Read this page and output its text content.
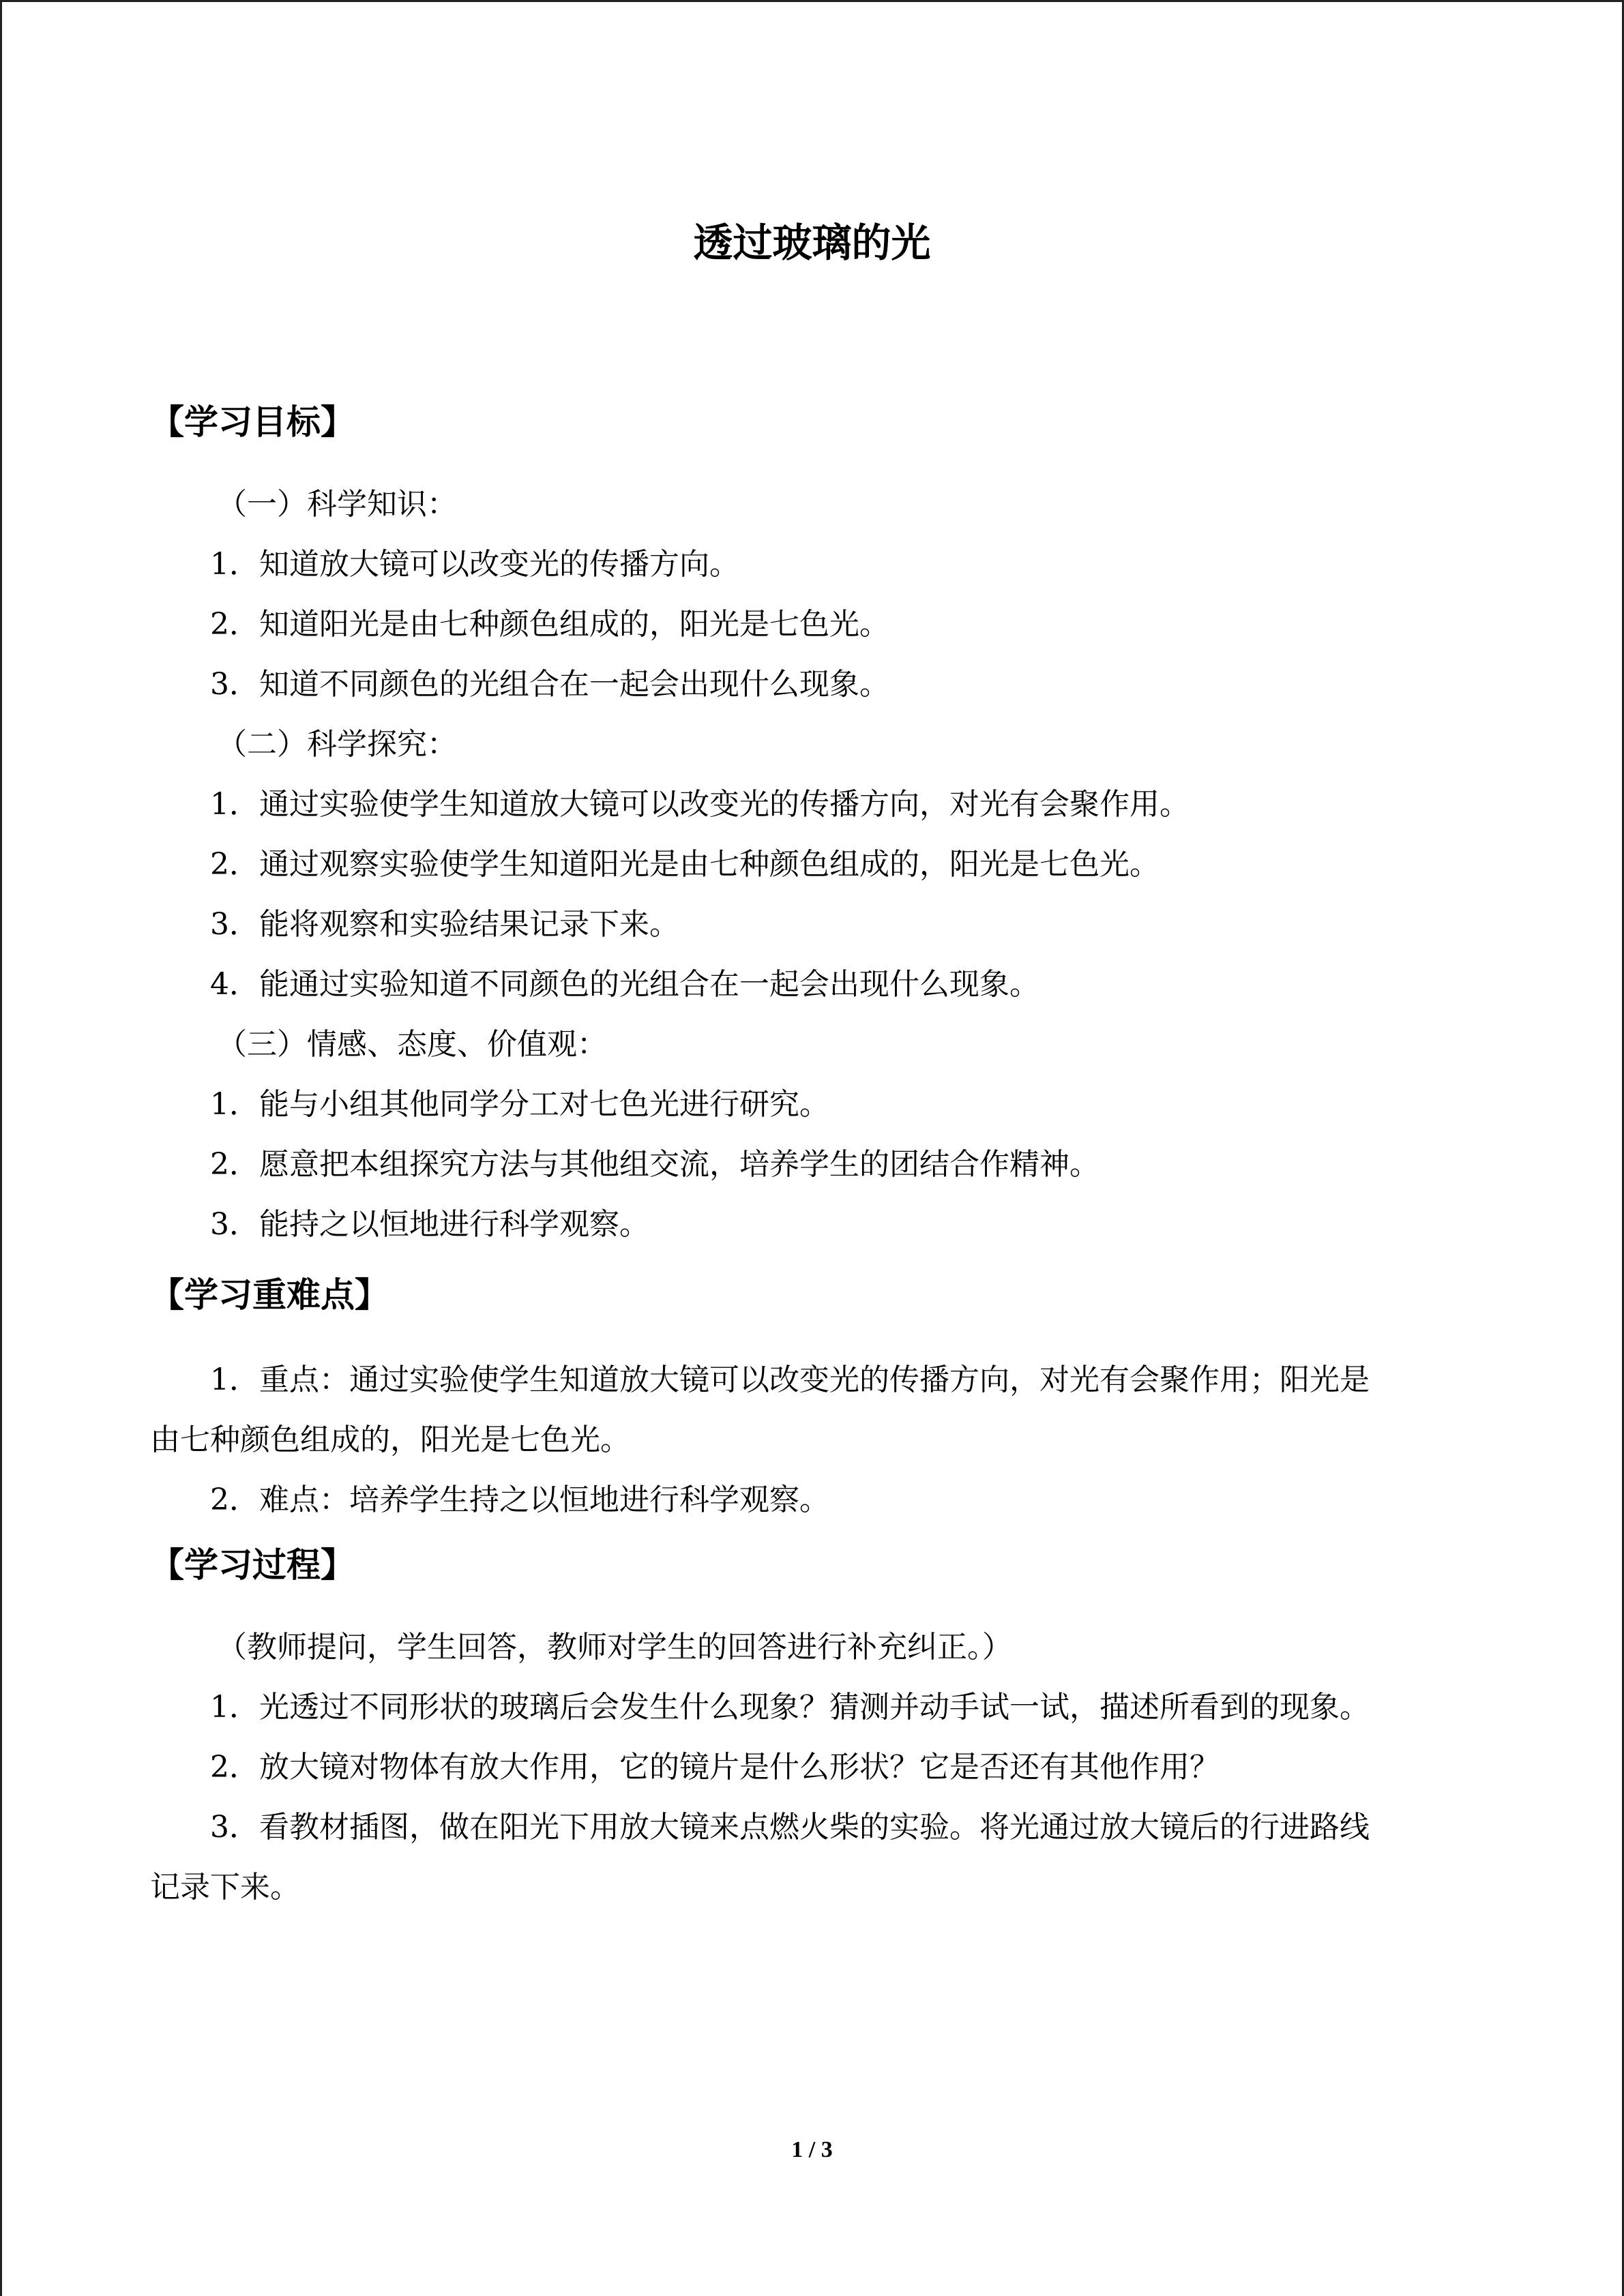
透过玻璃的光
【学习目标】
（一）科学知识：
1．知道放大镜可以改变光的传播方向。
2．知道阳光是由七种颜色组成的，阳光是七色光。
3．知道不同颜色的光组合在一起会出现什么现象。
（二）科学探究：
1．通过实验使学生知道放大镜可以改变光的传播方向，对光有会聚作用。
2．通过观察实验使学生知道阳光是由七种颜色组成的，阳光是七色光。
3．能将观察和实验结果记录下来。
4．能通过实验知道不同颜色的光组合在一起会出现什么现象。
（三）情感、态度、价值观：
1．能与小组其他同学分工对七色光进行研究。
2．愿意把本组探究方法与其他组交流，培养学生的团结合作精神。
3．能持之以恒地进行科学观察。
【学习重难点】
1．重点：通过实验使学生知道放大镜可以改变光的传播方向，对光有会聚作用；阳光是
由七种颜色组成的，阳光是七色光。
2．难点：培养学生持之以恒地进行科学观察。
【学习过程】
（教师提问，学生回答，教师对学生的回答进行补充纠正。）
1．光透过不同形状的玻璃后会发生什么现象？猜测并动手试一试，描述所看到的现象。
2．放大镜对物体有放大作用，它的镜片是什么形状？它是否还有其他作用？
3．看教材插图，做在阳光下用放大镜来点燃火柴的实验。将光通过放大镜后的行进路线
记录下来。
1 / 3
